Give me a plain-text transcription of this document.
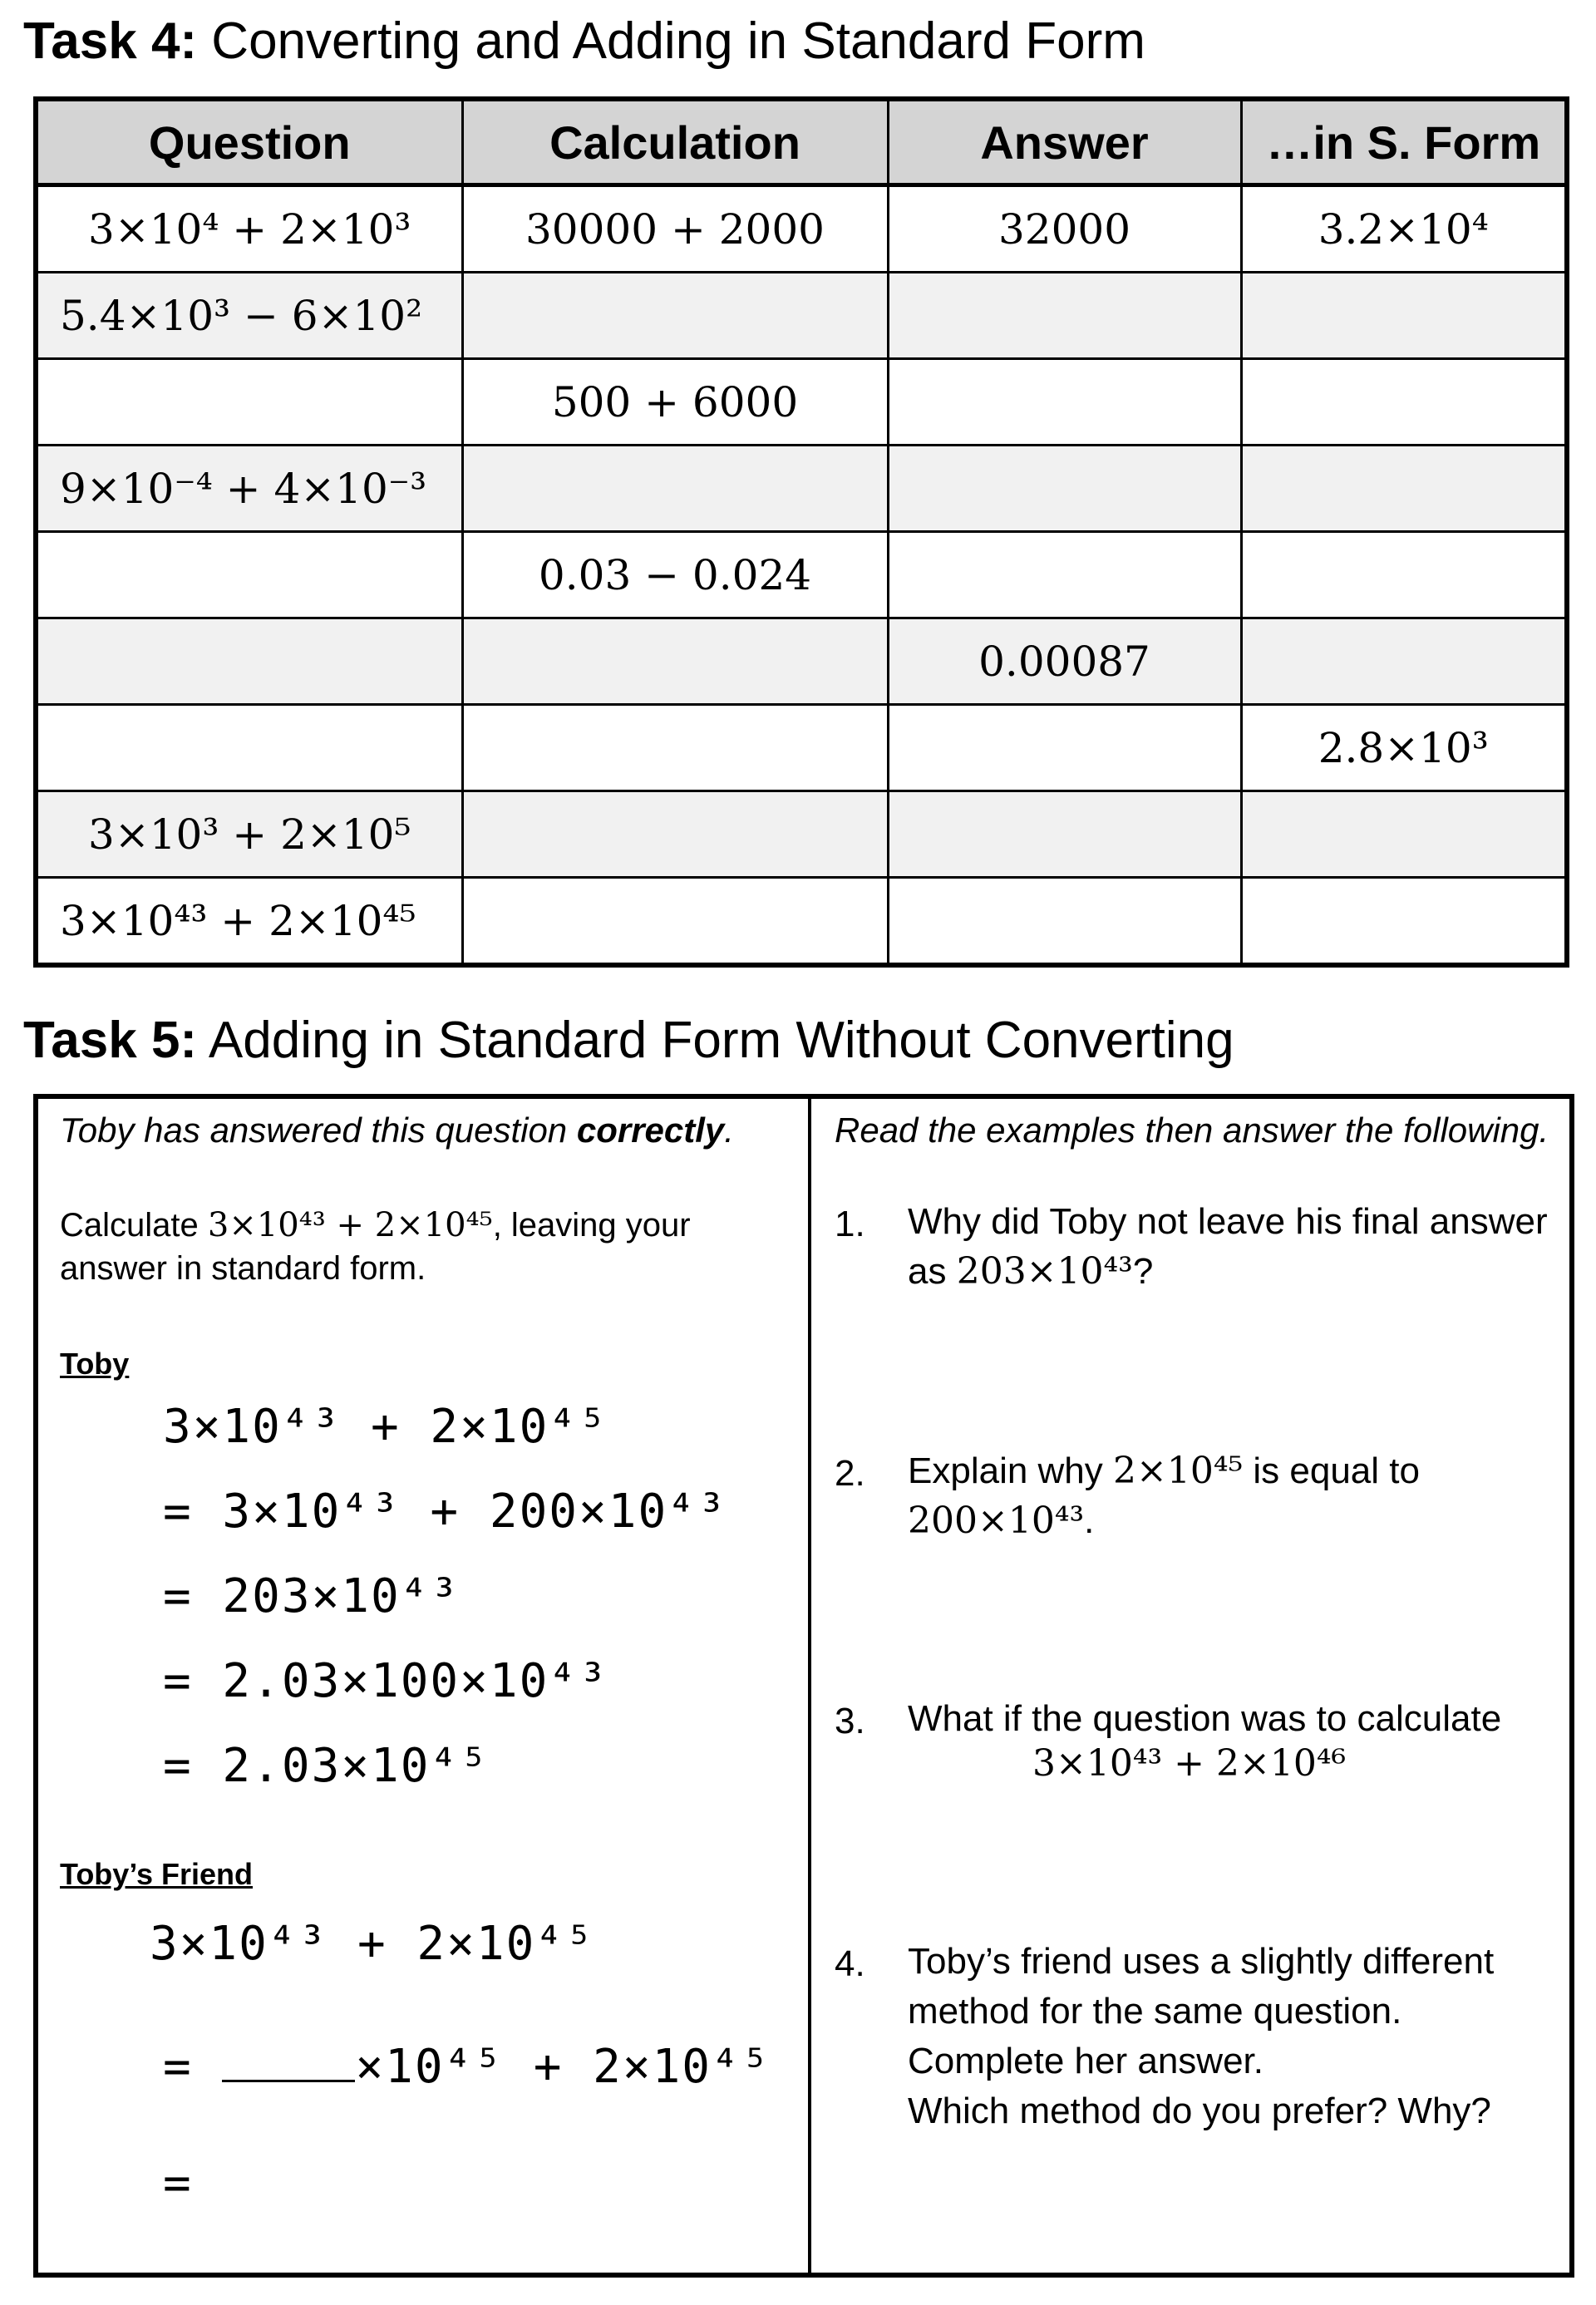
Task 4: Converting and Adding in Standard Form
Question	Calculation	Answer	…in S. Form
3×10⁴ + 2×10³	30000 + 2000	32000	3.2×10⁴
5.4×10³ − 6×10²			
	500 + 6000		
9×10⁻⁴ + 4×10⁻³			
	0.03 − 0.024		
		0.00087	
			2.8×10³
3×10³ + 2×10⁵			
3×10⁴³ + 2×10⁴⁵			
Task 5: Adding in Standard Form Without Converting
Toby has answered this question correctly.
Calculate 3×10⁴³ + 2×10⁴⁵, leaving your answer in standard form.
Toby
3×10⁴³ + 2×10⁴⁵
= 3×10⁴³ + 200×10⁴³
= 203×10⁴³
= 2.03×100×10⁴³
= 2.03×10⁴⁵
Toby’s Friend
3×10⁴³ + 2×10⁴⁵
=	×10⁴⁵ + 2×10⁴⁵
=
Read the examples then answer the following.
1. Why did Toby not leave his final answer as 203×10⁴³?
2. Explain why 2×10⁴⁵ is equal to 200×10⁴³.
3. What if the question was to calculate
3×10⁴³ + 2×10⁴⁶
4. Toby’s friend uses a slightly different
method for the same question.
Complete her answer.
Which method do you prefer? Why?
